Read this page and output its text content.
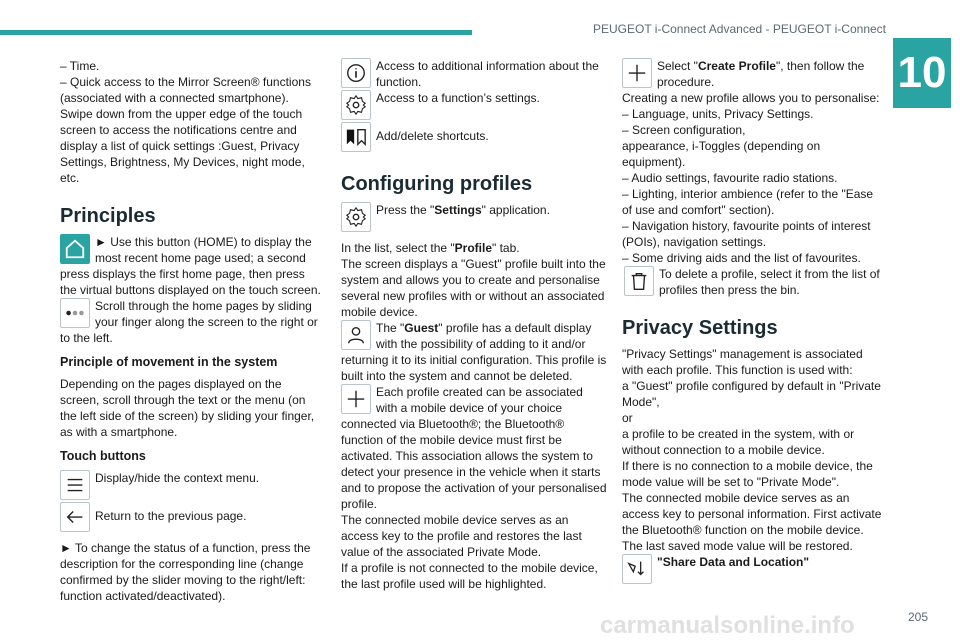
PEUGEOT i-Connect Advanced - PEUGEOT i-Connect
10

– Time.

– Quick access to the Mirror Screen® functions (associated with a connected smartphone).

Swipe down from the upper edge of the touch screen to access the notifications centre and display a list of quick settings :Guest, Privacy Settings, Brightness, My Devices, night mode, etc.

Principles

► Use this button (HOME) to display the most recent home page used; a second press displays the first home page, then press the virtual buttons displayed on the touch screen.

Scroll through the home pages by sliding your finger along the screen to the right or to the left.

Principle of movement in the system

Depending on the pages displayed on the screen, scroll through the text or the menu (on the left side of the screen) by sliding your finger, as with a smartphone.

Touch buttons

Display/hide the context menu.

Return to the previous page.

► To change the status of a function, press the description for the corresponding line (change confirmed by the slider moving to the right/left: function activated/deactivated).

Access to additional information about the function.

Access to a function’s settings.

Add/delete shortcuts.

Configuring profiles

Press the "Settings" application.

In the list, select the "Profile" tab.

The screen displays a "Guest" profile built into the system and allows you to create and personalise several new profiles with or without an associated mobile device.

The "Guest" profile has a default display with the possibility of adding to it and/or returning it to its initial configuration. This profile is built into the system and cannot be deleted.

Each profile created can be associated with a mobile device of your choice connected via Bluetooth®; the Bluetooth® function of the mobile device must first be activated. This association allows the system to detect your presence in the vehicle when it starts and to propose the activation of your personalised profile.

The connected mobile device serves as an access key to the profile and restores the last value of the associated Private Mode.

If a profile is not connected to the mobile device, the last profile used will be highlighted.

Select "Create Profile", then follow the procedure.

Creating a new profile allows you to personalise:

– Language, units, Privacy Settings.

– Screen configuration,

appearance, i-Toggles (depending on equipment).

– Audio settings, favourite radio stations.

– Lighting, interior ambience (refer to the "Ease of use and comfort" section).

– Navigation history, favourite points of interest (POIs), navigation settings.

– Some driving aids and the list of favourites.

To delete a profile, select it from the list of profiles then press the bin.

Privacy Settings

"Privacy Settings" management is associated with each profile. This function is used with:

a "Guest" profile configured by default in "Private Mode",

or

a profile to be created in the system, with or without connection to a mobile device.

If there is no connection to a mobile device, the mode value will be set to "Private Mode".

The connected mobile device serves as an access key to personal information. First activate the Bluetooth® function on the mobile device.

The last saved mode value will be restored.

"Share Data and Location"

carmanualsonline.info	205
